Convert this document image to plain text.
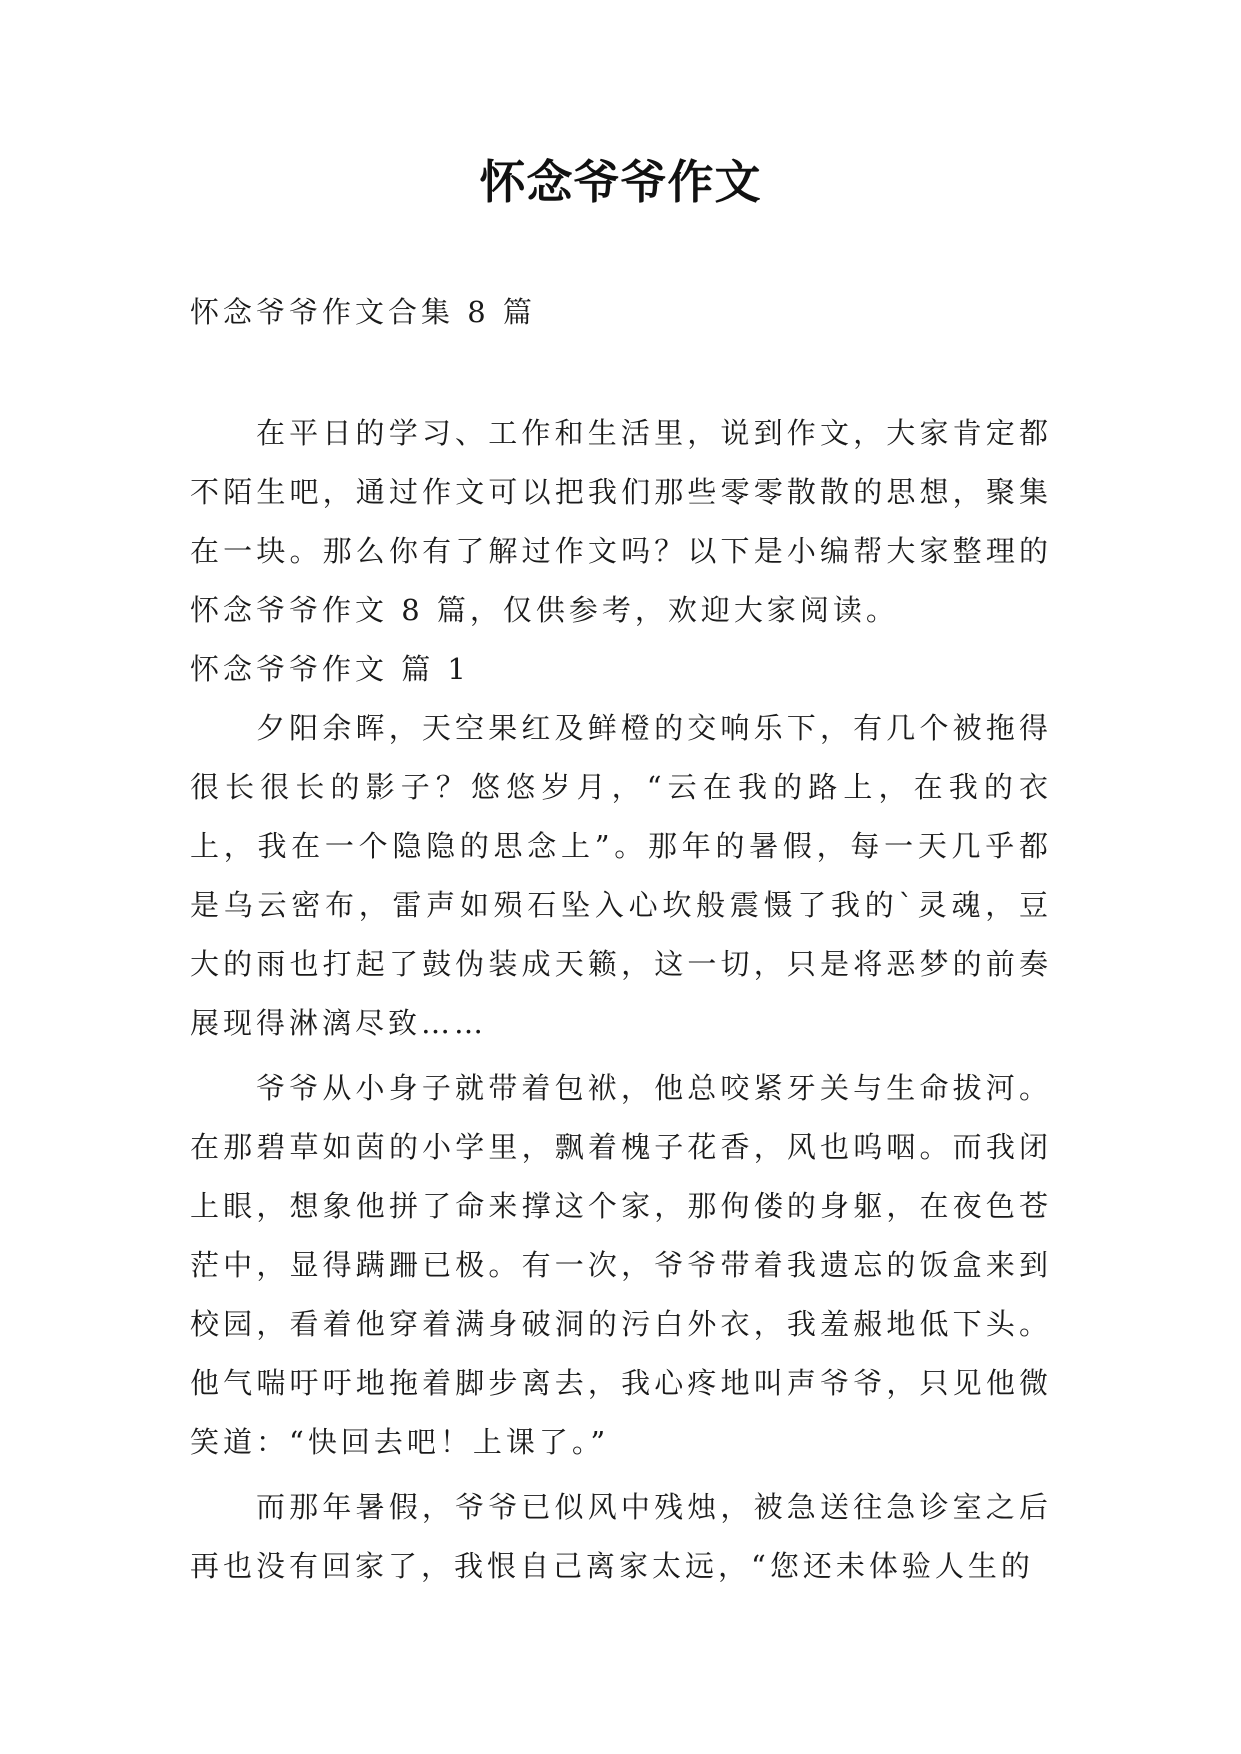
怀念爷爷作文
怀念爷爷作文合集 8 篇

在平日的学习、工作和生活里，说到作文，大家肯定都不陌生吧，通过作文可以把我们那些零零散散的思想，聚集在一块。那么你有了解过作文吗？以下是小编帮大家整理的怀念爷爷作文 8 篇，仅供参考，欢迎大家阅读。

怀念爷爷作文 篇 1

夕阳余晖，天空果红及鲜橙的交响乐下，有几个被拖得很长很长的影子？悠悠岁月，“云在我的路上，在我的衣上，我在一个隐隐的思念上”。那年的暑假，每一天几乎都是乌云密布，雷声如殒石坠入心坎般震慑了我的`灵魂，豆大的雨也打起了鼓伪装成天籁，这一切，只是将恶梦的前奏展现得淋漓尽致……

爷爷从小身子就带着包袱，他总咬紧牙关与生命拔河。在那碧草如茵的小学里，飘着槐子花香，风也呜咽。而我闭上眼，想象他拼了命来撑这个家，那佝偻的身躯，在夜色苍茫中，显得蹒跚已极。有一次，爷爷带着我遗忘的饭盒来到校园，看着他穿着满身破洞的污白外衣，我羞赧地低下头。他气喘吁吁地拖着脚步离去，我心疼地叫声爷爷，只见他微笑道：“快回去吧！上课了。”

而那年暑假，爷爷已似风中残烛，被急送往急诊室之后再也没有回家了，我恨自己离家太远，“您还未体验人生的
